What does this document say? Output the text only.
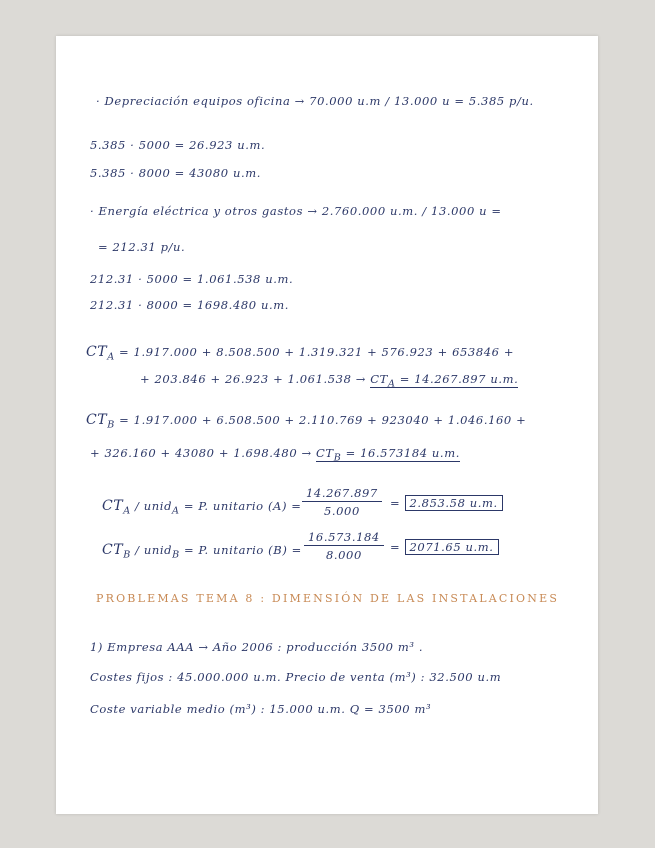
· Depreciación equipos oficina → 70.000 u.m / 13.000 u = 5.385 p/u.
5.385 · 5000 = 26.923 u.m.
5.385 · 8000 = 43080 u.m.
· Energía eléctrica y otros gastos → 2.760.000 u.m. / 13.000 u =
= 212.31 p/u.
212.31 · 5000 = 1.061.538 u.m.
212.31 · 8000 = 1698.480 u.m.
$CT_A = 1.917.000 + 8.508.500 + 1.319.321 + 576.923 + 653846$ +
+ $203.846 + 26.923 + 1.061.538 \to CT_A = 14.267.897$ u.m.
$CT_B = 1.917.000 + 6.508.500 + 2.110.769 + 923040 + 1.046.160$ +
+ $326.160 + 43080 + 1.698.480 \to CT_B = 16.573184$ u.m.
$CT_A$ / unid$_A$ = P. unitario $(A) = \frac{14.267.897}{5.000} = 2.853.58$ u.m.
$CT_B$ / unid$_B$ = P. unitario $(B) = \frac{16.573.184}{8.000} = 2071.65$ u.m.
PROBLEMAS TEMA 8 : DIMENSIÓN DE LAS INSTALACIONES
1) Empresa AAA → Año 2006 : producción 3500 m³ .
Costes fijos : 45.000.000 u.m. Precio de venta (m³) : 32.500 u.m
Coste variable medio (m³) : 15.000 u.m. Q = 3500 m³
